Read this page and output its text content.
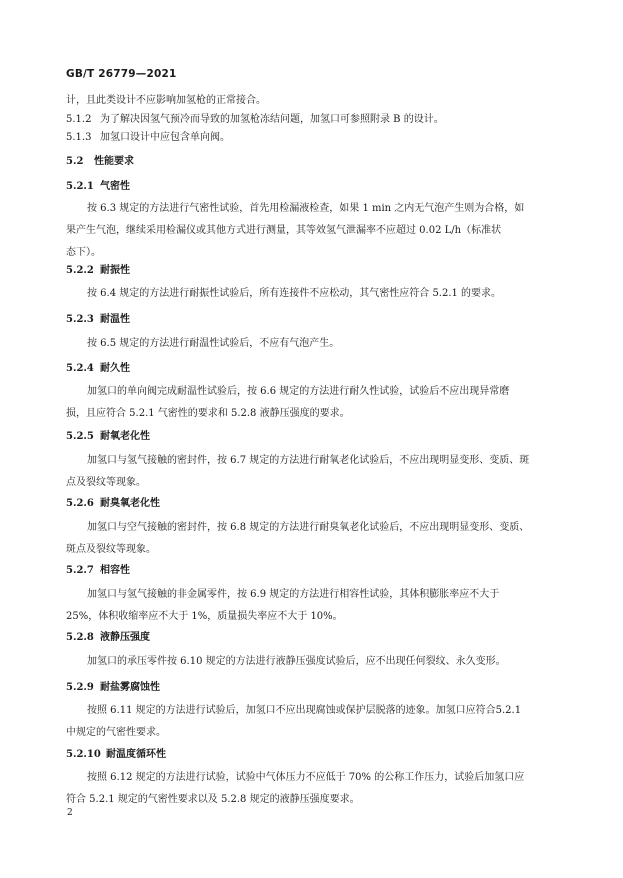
GB/T 26779—2021
计，且此类设计不应影响加氢枪的正常接合。
5.1.2 为了解决因氢气预冷而导致的加氢枪冻结问题，加氢口可参照附录 B 的设计。
5.1.3 加氢口设计中应包含单向阀。
5.2 性能要求
5.2.1 气密性
按 6.3 规定的方法进行气密性试验，首先用检漏液检查，如果 1 min 之内无气泡产生则为合格，如
果产生气泡，继续采用检漏仪或其他方式进行测量，其等效氢气泄漏率不应超过 0.02 L/h（标准状
态下）。
5.2.2 耐振性
按 6.4 规定的方法进行耐振性试验后，所有连接件不应松动，其气密性应符合 5.2.1 的要求。
5.2.3 耐温性
按 6.5 规定的方法进行耐温性试验后，不应有气泡产生。
5.2.4 耐久性
加氢口的单向阀完成耐温性试验后，按 6.6 规定的方法进行耐久性试验，试验后不应出现异常磨
损，且应符合 5.2.1 气密性的要求和 5.2.8 液静压强度的要求。
5.2.5 耐氧老化性
加氢口与氢气接触的密封件，按 6.7 规定的方法进行耐氧老化试验后，不应出现明显变形、变质、斑
点及裂纹等现象。
5.2.6 耐臭氧老化性
加氢口与空气接触的密封件，按 6.8 规定的方法进行耐臭氧老化试验后，不应出现明显变形、变质、
斑点及裂纹等现象。
5.2.7 相容性
加氢口与氢气接触的非金属零件，按 6.9 规定的方法进行相容性试验，其体积膨胀率应不大于
25%，体积收缩率应不大于 1%，质量损失率应不大于 10%。
5.2.8 液静压强度
加氢口的承压零件按 6.10 规定的方法进行液静压强度试验后，应不出现任何裂纹、永久变形。
5.2.9 耐盐雾腐蚀性
按照 6.11 规定的方法进行试验后，加氢口不应出现腐蚀或保护层脱落的迹象。加氢口应符合5.2.1
中规定的气密性要求。
5.2.10 耐温度循环性
按照 6.12 规定的方法进行试验，试验中气体压力不应低于 70% 的公称工作压力，试验后加氢口应
符合 5.2.1 规定的气密性要求以及 5.2.8 规定的液静压强度要求。
2
